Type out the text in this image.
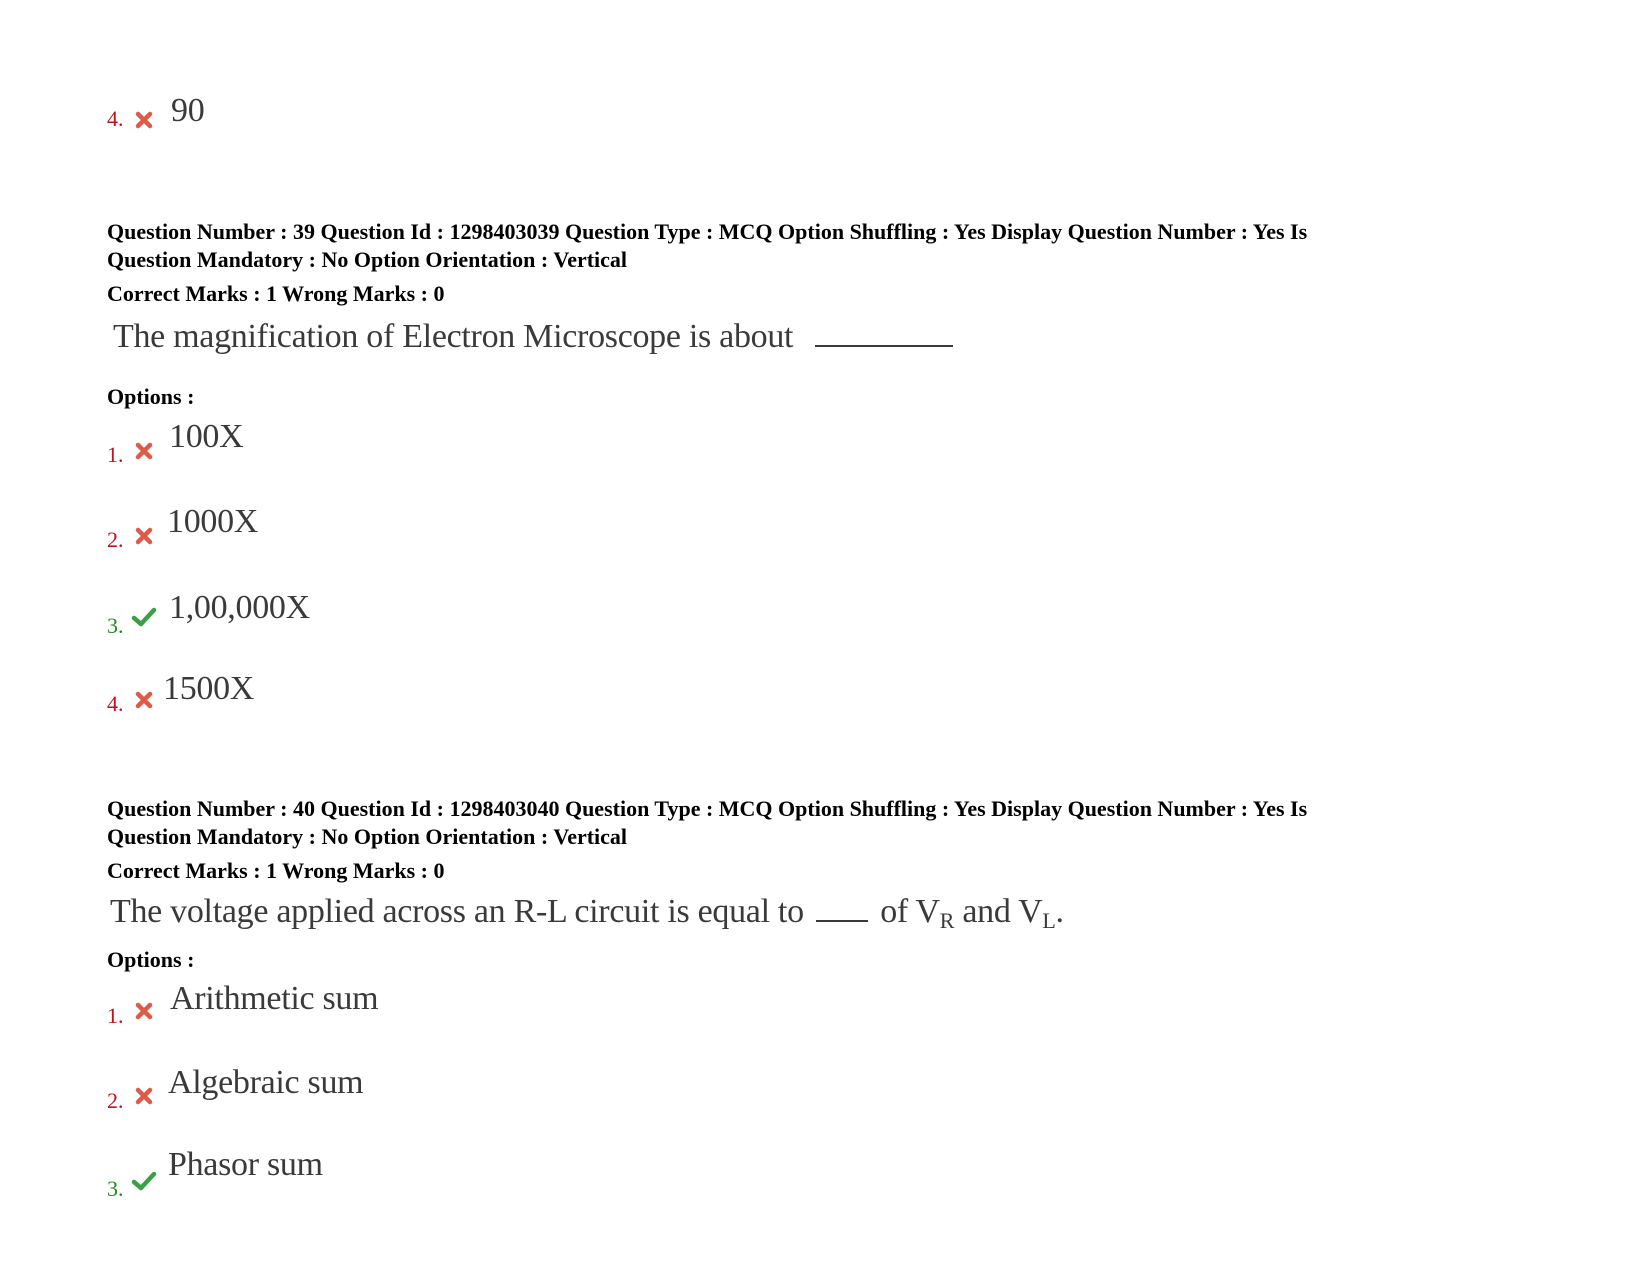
4. 90
Question Number : 39 Question Id : 1298403039 Question Type : MCQ Option Shuffling : Yes Display Question Number : Yes Is
Question Mandatory : No Option Orientation : Vertical
Correct Marks : 1 Wrong Marks : 0
The magnification of Electron Microscope is about
Options :
1. 100X
2. 1000X
3. 1,00,000X
4. 1500X
Question Number : 40 Question Id : 1298403040 Question Type : MCQ Option Shuffling : Yes Display Question Number : Yes Is
Question Mandatory : No Option Orientation : Vertical
Correct Marks : 1 Wrong Marks : 0
The voltage applied across an R-L circuit is equal to of $V_R$ and $V_L$.
Options :
1. Arithmetic sum
2. Algebraic sum
3.
Phasor sum
